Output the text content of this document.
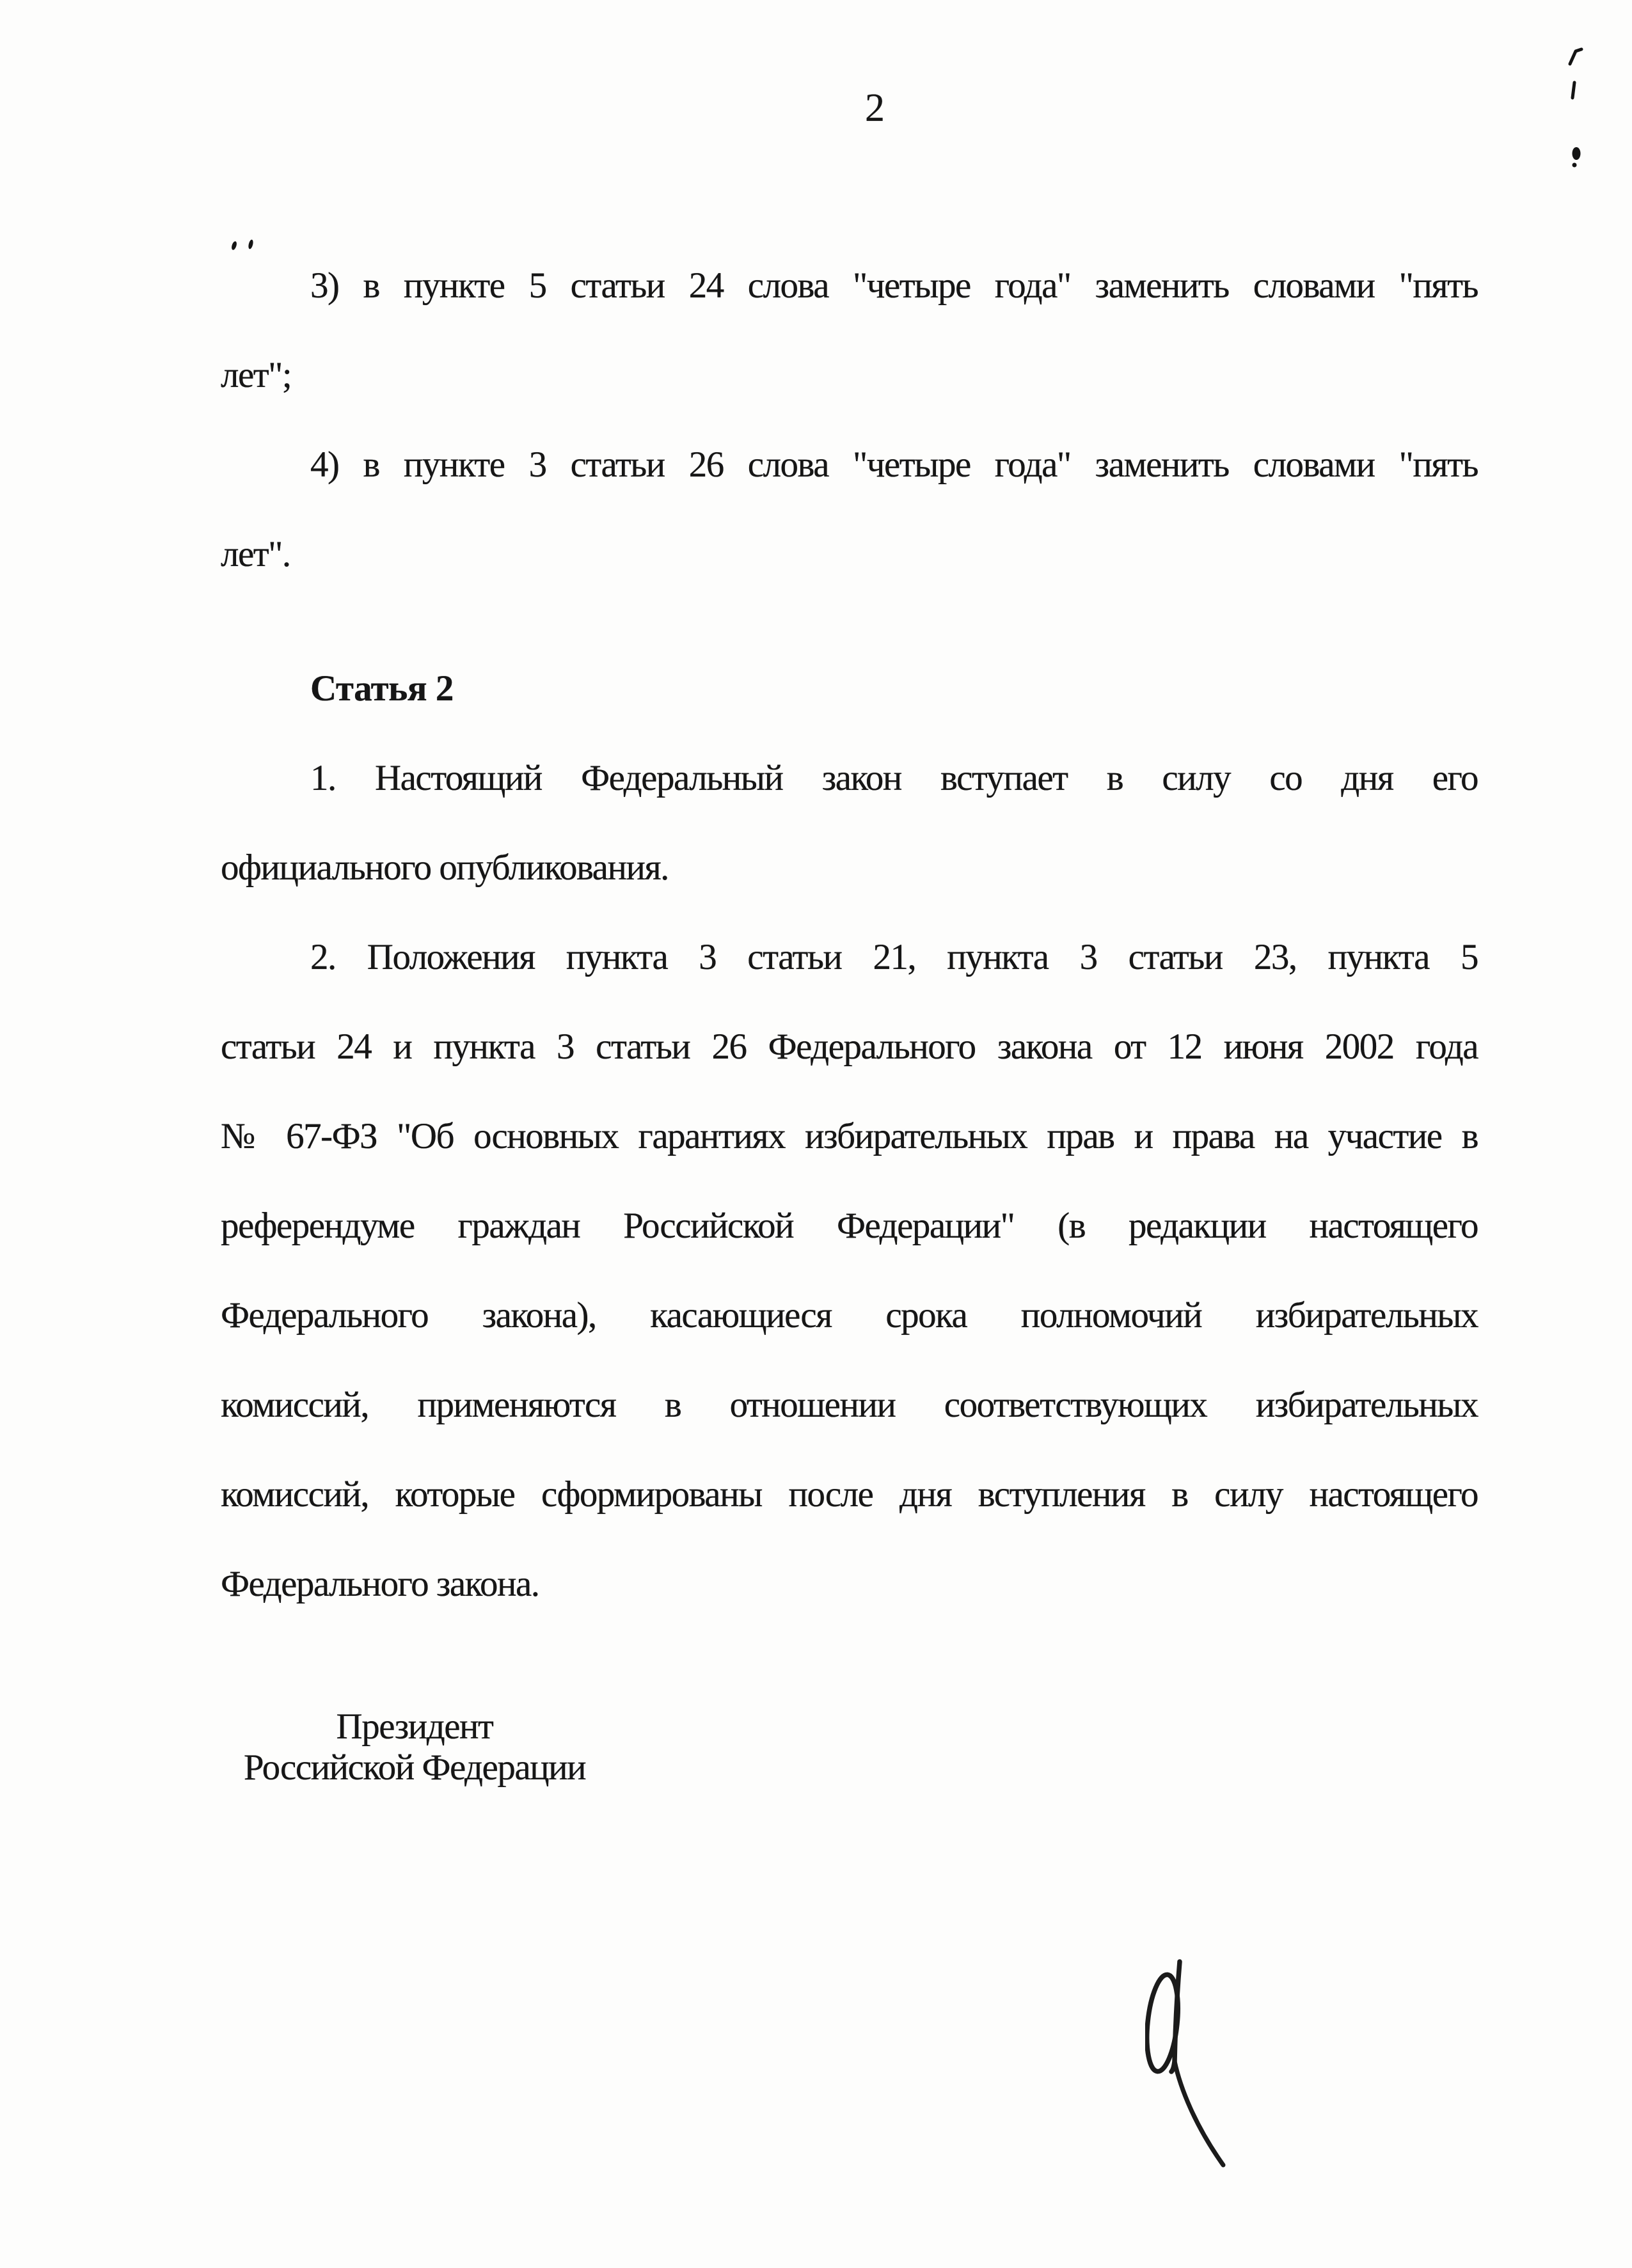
2
3) в пункте 5 статьи 24 слова "четыре года" заменить словами "пять
лет";
4) в пункте 3 статьи 26 слова "четыре года" заменить словами "пять
лет".
Статья 2
1. Настоящий Федеральный закон вступает в силу со дня его
официального опубликования.
2. Положения пункта 3 статьи 21, пункта 3 статьи 23, пункта 5
статьи 24 и пункта 3 статьи 26 Федерального закона от 12 июня 2002 года
№ 67-ФЗ "Об основных гарантиях избирательных прав и права на участие в
референдуме граждан Российской Федерации" (в редакции настоящего
Федерального закона), касающиеся срока полномочий избирательных
комиссий, применяются в отношении соответствующих избирательных
комиссий, которые сформированы после дня вступления в силу настоящего
Федерального закона.
Президент
Российской Федерации
